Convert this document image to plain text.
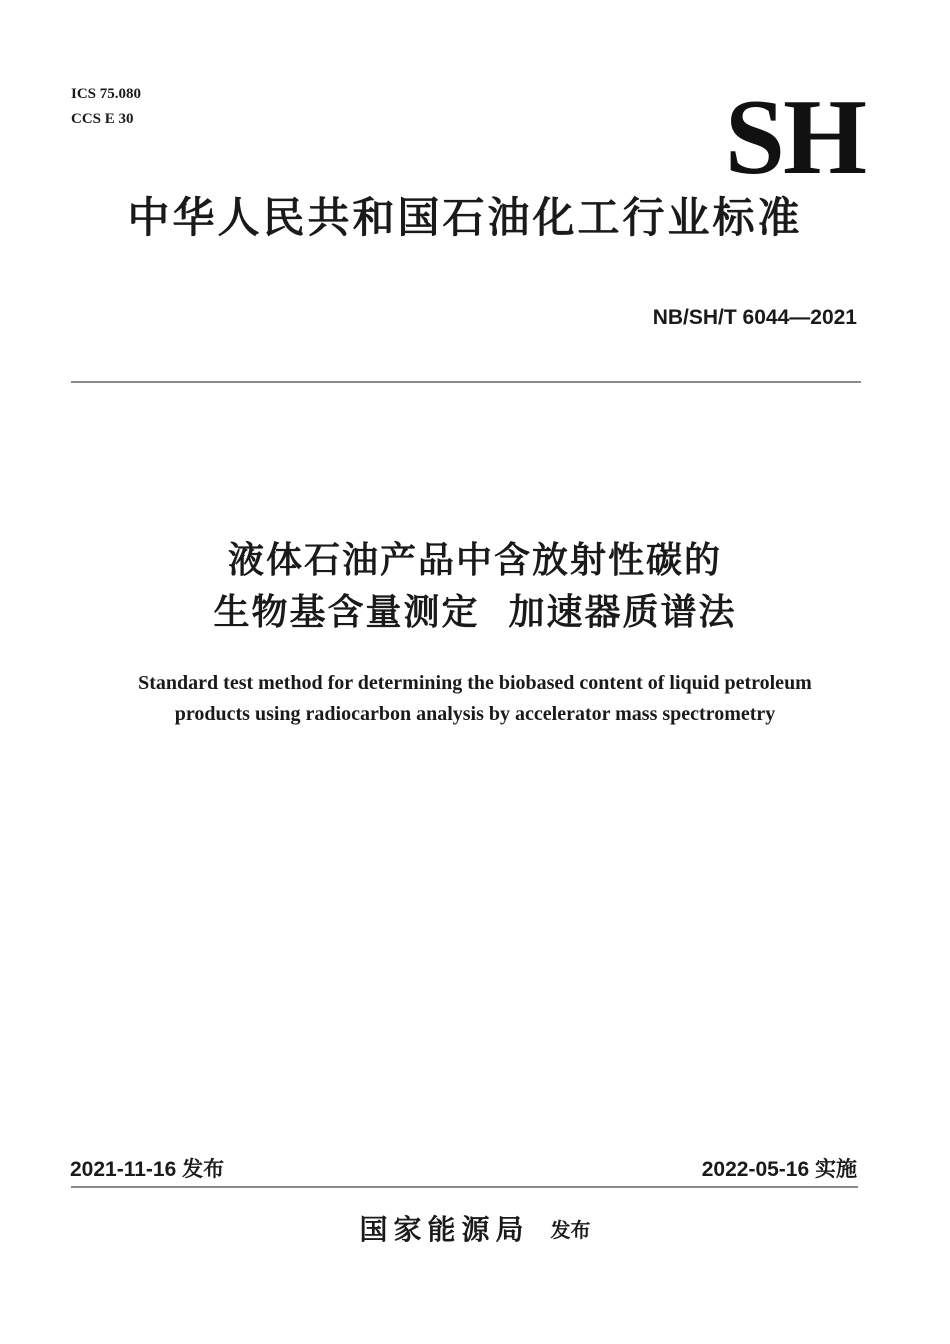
ICS 75.080
CCS E 30	SH
中华人民共和国石油化工行业标准
NB/SH/T 6044—2021
液体石油产品中含放射性碳的
生物基含量测定  加速器质谱法
Standard test method for determining the biobased content of liquid petroleum
products using radiocarbon analysis by accelerator mass spectrometry
2021-11-16 发布	2022-05-16 实施
国家能源局 发布
